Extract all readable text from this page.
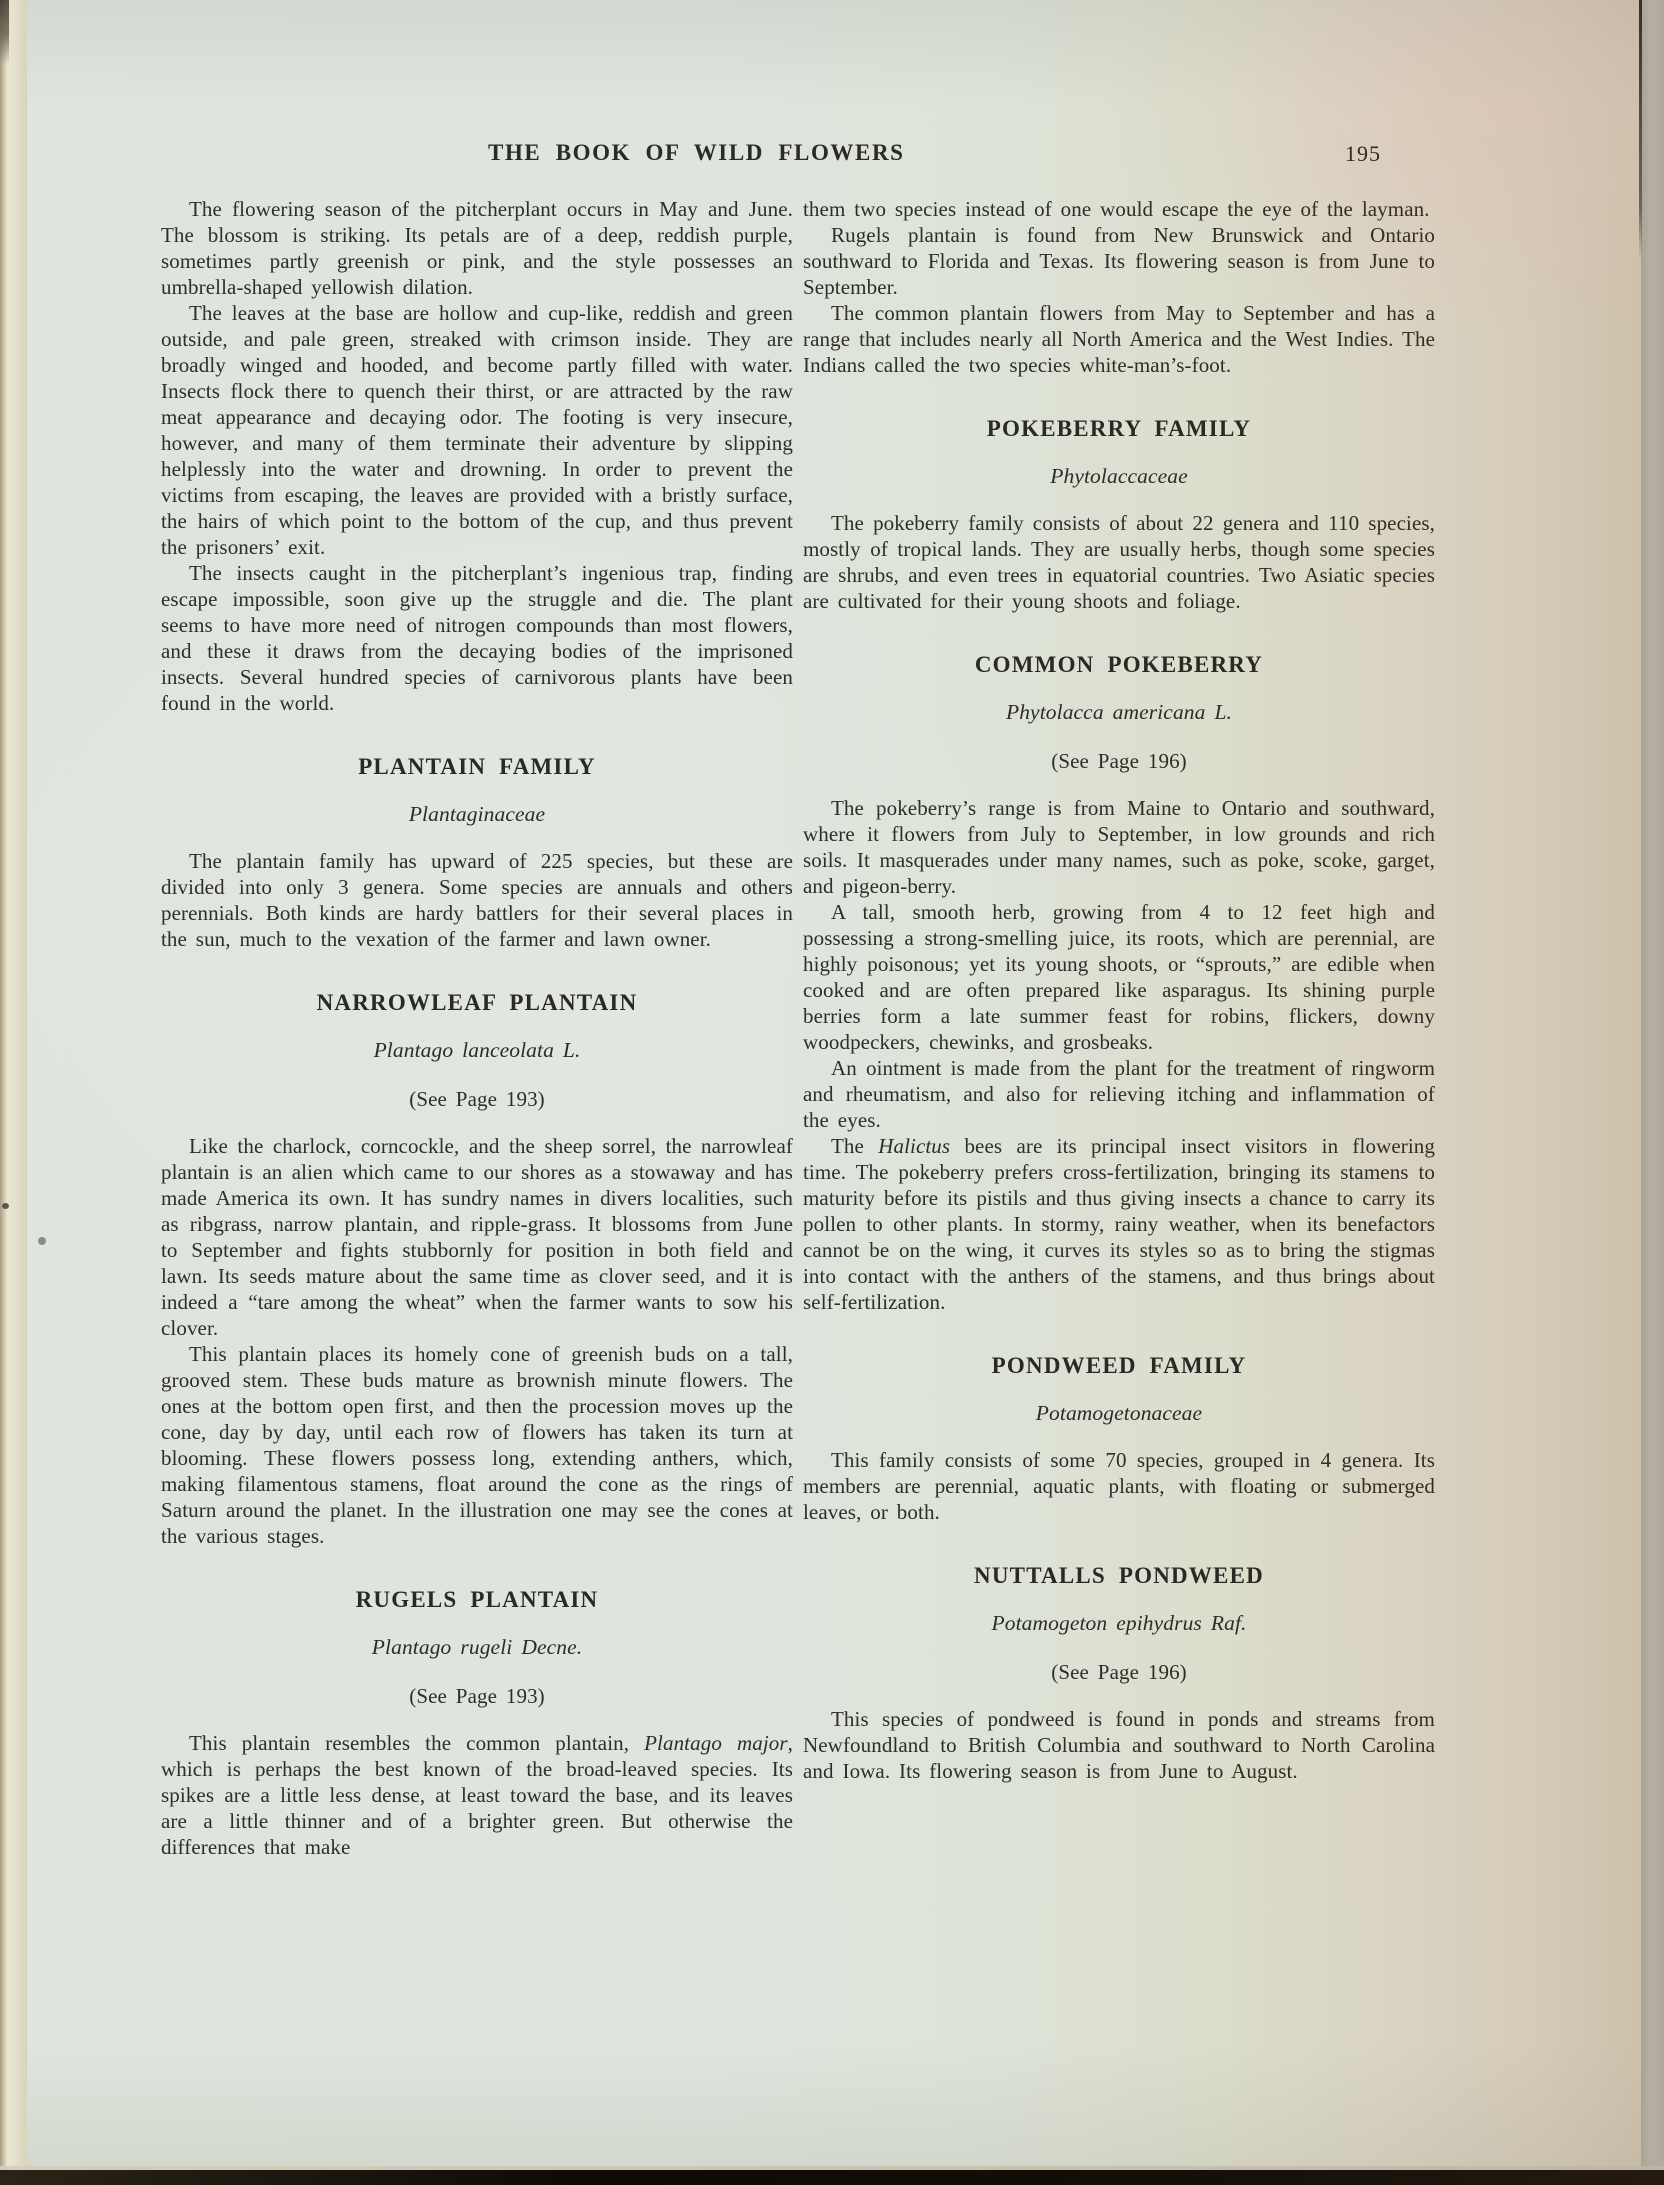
THE BOOK OF WILD FLOWERS	195

The flowering season of the pitcherplant occurs in May and June. The blossom is striking. Its petals are of a deep, reddish purple, sometimes partly greenish or pink, and the style possesses an umbrella-shaped yellowish dilation.

The leaves at the base are hollow and cup-like, reddish and green outside, and pale green, streaked with crimson inside. They are broadly winged and hooded, and become partly filled with water. Insects flock there to quench their thirst, or are attracted by the raw meat appearance and decaying odor. The footing is very insecure, however, and many of them terminate their adventure by slipping helplessly into the water and drowning. In order to prevent the victims from escaping, the leaves are provided with a bristly surface, the hairs of which point to the bottom of the cup, and thus prevent the prisoners’ exit.

The insects caught in the pitcherplant’s ingenious trap, finding escape impossible, soon give up the struggle and die. The plant seems to have more need of nitrogen compounds than most flowers, and these it draws from the decaying bodies of the imprisoned insects. Several hundred species of carnivorous plants have been found in the world.

PLANTAIN FAMILY
Plantaginaceae

The plantain family has upward of 225 species, but these are divided into only 3 genera. Some species are annuals and others perennials. Both kinds are hardy battlers for their several places in the sun, much to the vexation of the farmer and lawn owner.

NARROWLEAF PLANTAIN
Plantago lanceolata L.
(See Page 193)

Like the charlock, corncockle, and the sheep sorrel, the narrowleaf plantain is an alien which came to our shores as a stowaway and has made America its own. It has sundry names in divers localities, such as ribgrass, narrow plantain, and ripple-grass. It blossoms from June to September and fights stubbornly for position in both field and lawn. Its seeds mature about the same time as clover seed, and it is indeed a “tare among the wheat” when the farmer wants to sow his clover.

This plantain places its homely cone of greenish buds on a tall, grooved stem. These buds mature as brownish minute flowers. The ones at the bottom open first, and then the procession moves up the cone, day by day, until each row of flowers has taken its turn at blooming. These flowers possess long, extending anthers, which, making filamentous stamens, float around the cone as the rings of Saturn around the planet. In the illustration one may see the cones at the various stages.

RUGELS PLANTAIN
Plantago rugeli Decne.
(See Page 193)

This plantain resembles the common plantain, Plantago major, which is perhaps the best known of the broad-leaved species. Its spikes are a little less dense, at least toward the base, and its leaves are a little thinner and of a brighter green. But otherwise the differences that make

them two species instead of one would escape the eye of the layman.

Rugels plantain is found from New Brunswick and Ontario southward to Florida and Texas. Its flowering season is from June to September.

The common plantain flowers from May to September and has a range that includes nearly all North America and the West Indies. The Indians called the two species white-man’s-foot.

POKEBERRY FAMILY
Phytolaccaceae

The pokeberry family consists of about 22 genera and 110 species, mostly of tropical lands. They are usually herbs, though some species are shrubs, and even trees in equatorial countries. Two Asiatic species are cultivated for their young shoots and foliage.

COMMON POKEBERRY
Phytolacca americana L.
(See Page 196)

The pokeberry’s range is from Maine to Ontario and southward, where it flowers from July to September, in low grounds and rich soils. It masquerades under many names, such as poke, scoke, garget, and pigeon-berry.

A tall, smooth herb, growing from 4 to 12 feet high and possessing a strong-smelling juice, its roots, which are perennial, are highly poisonous; yet its young shoots, or “sprouts,” are edible when cooked and are often prepared like asparagus. Its shining purple berries form a late summer feast for robins, flickers, downy woodpeckers, chewinks, and grosbeaks.

An ointment is made from the plant for the treatment of ringworm and rheumatism, and also for relieving itching and inflammation of the eyes.

The Halictus bees are its principal insect visitors in flowering time. The pokeberry prefers cross-fertilization, bringing its stamens to maturity before its pistils and thus giving insects a chance to carry its pollen to other plants. In stormy, rainy weather, when its benefactors cannot be on the wing, it curves its styles so as to bring the stigmas into contact with the anthers of the stamens, and thus brings about self-fertilization.

PONDWEED FAMILY
Potamogetonaceae

This family consists of some 70 species, grouped in 4 genera. Its members are perennial, aquatic plants, with floating or submerged leaves, or both.

NUTTALLS PONDWEED
Potamogeton epihydrus Raf.
(See Page 196)

This species of pondweed is found in ponds and streams from Newfoundland to British Columbia and southward to North Carolina and Iowa. Its flowering season is from June to August.
